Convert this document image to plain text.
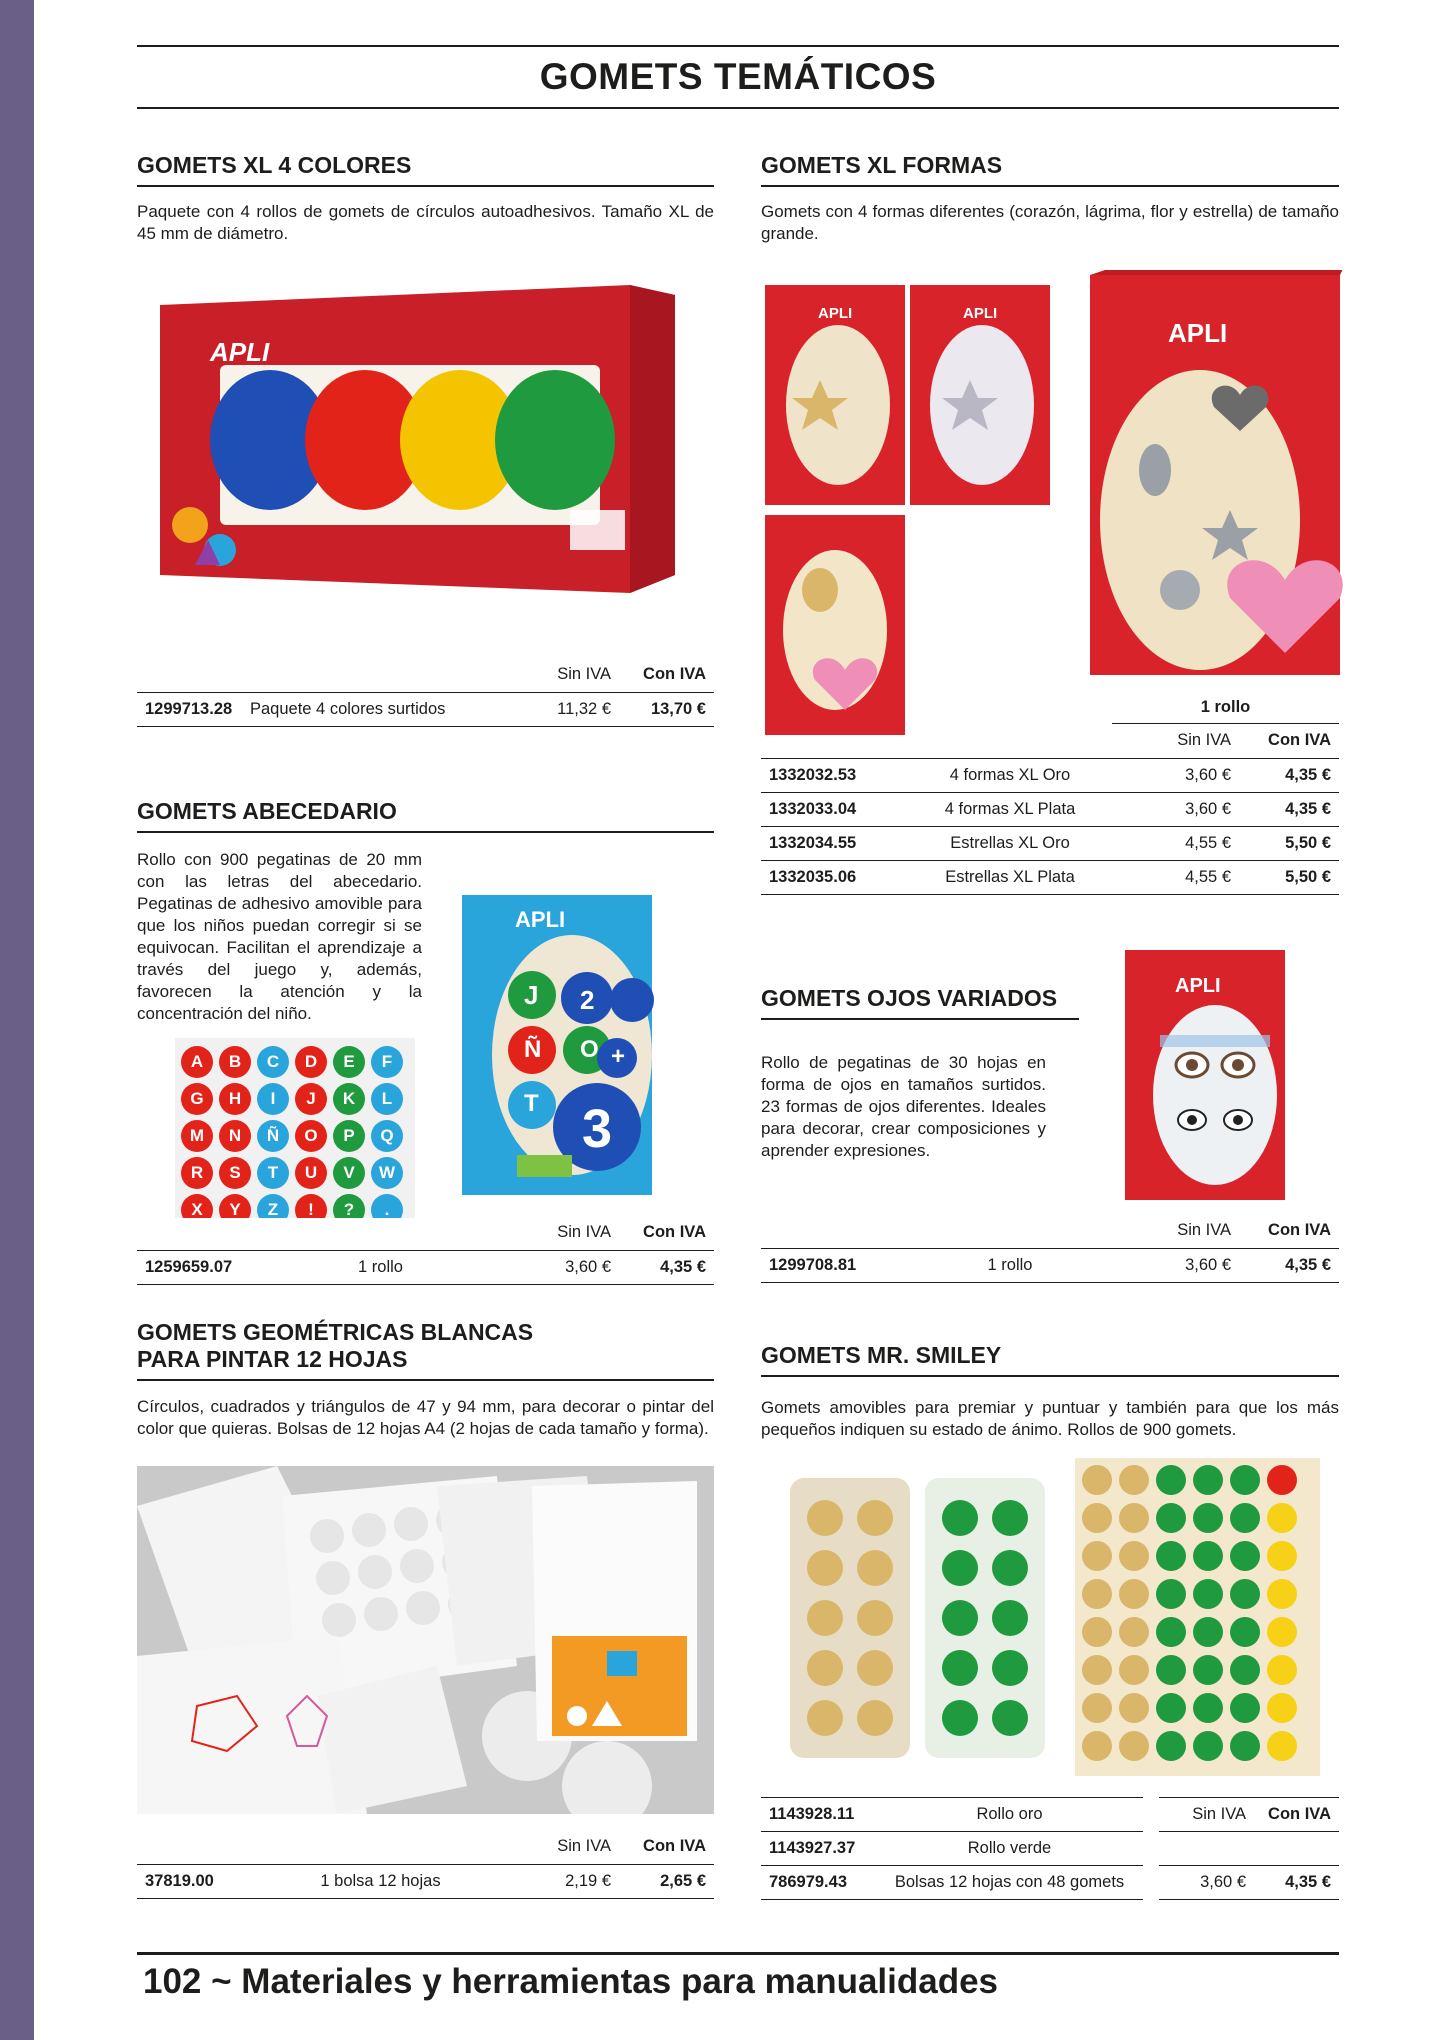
GOMETS TEMÁTICOS
GOMETS XL 4 COLORES
Paquete con 4 rollos de gomets de círculos autoadhesivos. Tamaño XL de 45 mm de diámetro.
APLI
		Sin IVA	Con IVA
1299713.28	Paquete 4 colores surtidos	11,32 €	13,70 €
GOMETS XL FORMAS
Gomets con 4 formas diferentes (corazón, lágrima, flor y estrella) de tamaño grande.
APLI	APLI
APLI
1 rollo
		Sin IVA	Con IVA
1332032.53	4 formas XL Oro	3,60 €	4,35 €
1332033.04	4 formas XL Plata	3,60 €	4,35 €
1332034.55	Estrellas XL Oro	4,55 €	5,50 €
1332035.06	Estrellas XL Plata	4,55 €	5,50 €
GOMETS ABECEDARIO
Rollo con 900 pegatinas de 20 mm con las letras del abecedario. Pegatinas de adhesivo amovible para que los niños puedan corregir si se equivocan. Facilitan el aprendizaje a través del juego y, además, favorecen la atención y la concentración del niño.
A	B	C	D	E	F
G	H	I	J	K	L
M	N	Ñ	O	P	Q
R	S	T	U	V	W
X	Y	Z	!	?	.
APLI
J 2
Ñ O +
T 3
		Sin IVA	Con IVA
1259659.07	1 rollo	3,60 €	4,35 €
GOMETS OJOS VARIADOS
Rollo de pegatinas de 30 hojas en forma de ojos en tamaños surtidos. 23 formas de ojos diferentes. Ideales para decorar, crear composiciones y aprender expresiones.
APLI
		Sin IVA	Con IVA
1299708.81	1 rollo	3,60 €	4,35 €
GOMETS GEOMÉTRICAS BLANCAS
PARA PINTAR 12 HOJAS
Círculos, cuadrados y triángulos de 47 y 94 mm, para decorar o pintar del color que quieras. Bolsas de 12 hojas A4 (2 hojas de cada tamaño y forma).
		Sin IVA	Con IVA
37819.00	1 bolsa 12 hojas	2,19 €	2,65 €
GOMETS MR. SMILEY
Gomets amovibles para premiar y puntuar y también para que los más pequeños indiquen su estado de ánimo. Rollos de 900 gomets.
1143928.11	Rollo oro		Sin IVA	Con IVA
1143927.37	Rollo verde			
786979.43	Bolsas 12 hojas con 48 gomets		3,60 €	4,35 €
102 ~ Materiales y herramientas para manualidades
